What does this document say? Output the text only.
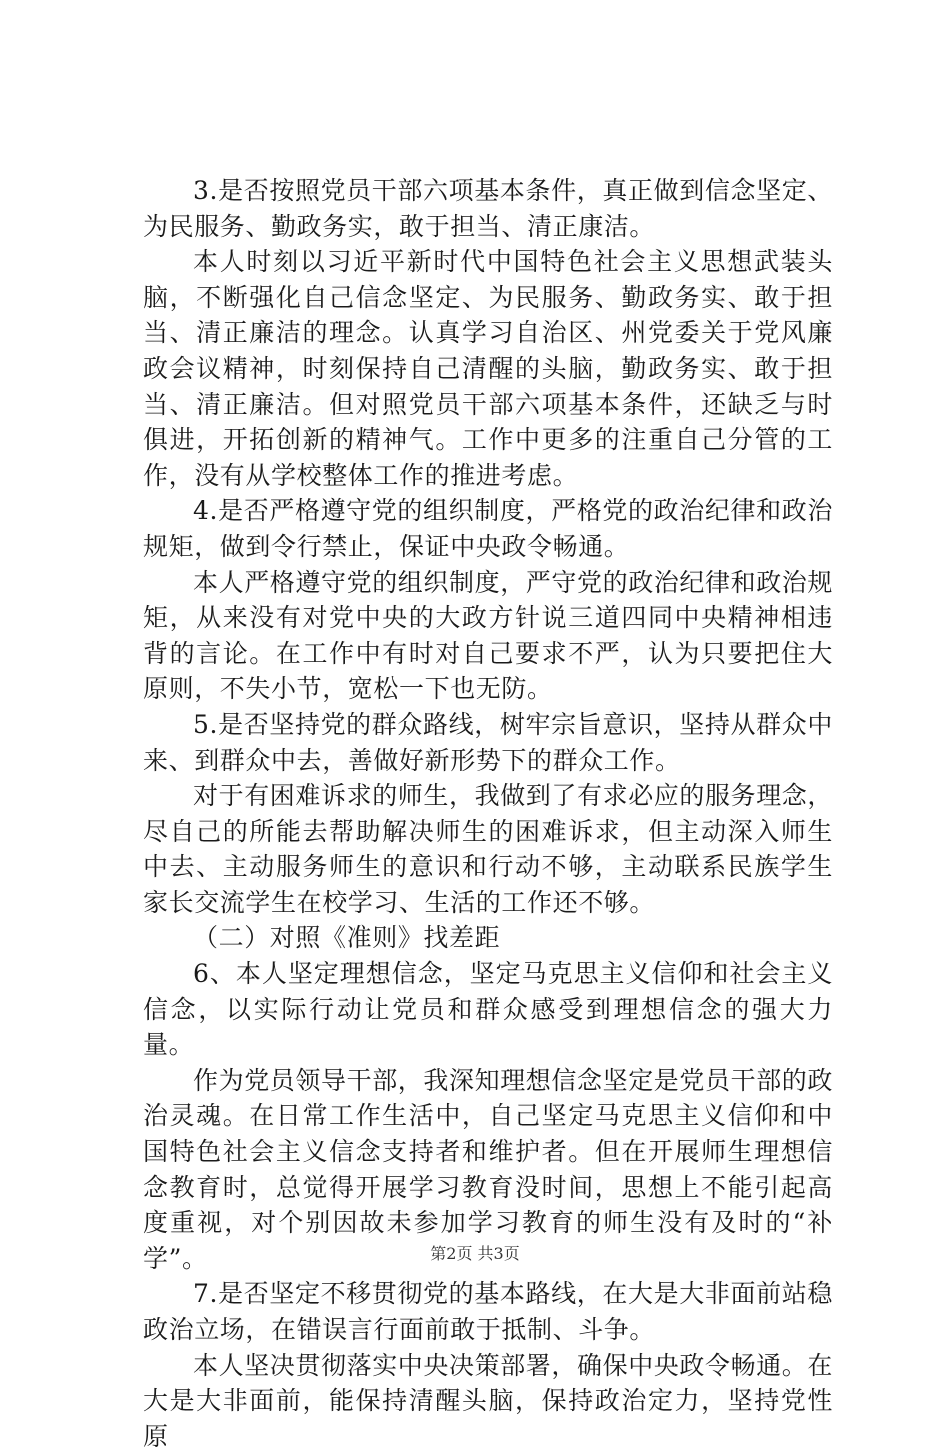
3.是否按照党员干部六项基本条件，真正做到信念坚定、为民服务、勤政务实，敢于担当、清正康洁。

本人时刻以习近平新时代中国特色社会主义思想武装头脑，不断强化自己信念坚定、为民服务、勤政务实、敢于担当、清正廉洁的理念。认真学习自治区、州党委关于党风廉政会议精神，时刻保持自己清醒的头脑，勤政务实、敢于担当、清正廉洁。但对照党员干部六项基本条件，还缺乏与时俱进，开拓创新的精神气。工作中更多的注重自己分管的工作，没有从学校整体工作的推进考虑。

4.是否严格遵守党的组织制度，严格党的政治纪律和政治规矩，做到令行禁止，保证中央政令畅通。

本人严格遵守党的组织制度，严守党的政治纪律和政治规矩，从来没有对党中央的大政方针说三道四同中央精神相违背的言论。在工作中有时对自己要求不严，认为只要把住大原则，不失小节，宽松一下也无防。

5.是否坚持党的群众路线，树牢宗旨意识，坚持从群众中来、到群众中去，善做好新形势下的群众工作。

对于有困难诉求的师生，我做到了有求必应的服务理念，尽自己的所能去帮助解决师生的困难诉求，但主动深入师生中去、主动服务师生的意识和行动不够，主动联系民族学生家长交流学生在校学习、生活的工作还不够。

（二）对照《准则》找差距

6、本人坚定理想信念，坚定马克思主义信仰和社会主义信念，以实际行动让党员和群众感受到理想信念的强大力量。

作为党员领导干部，我深知理想信念坚定是党员干部的政治灵魂。在日常工作生活中，自己坚定马克思主义信仰和中国特色社会主义信念支持者和维护者。但在开展师生理想信念教育时，总觉得开展学习教育没时间，思想上不能引起高度重视，对个别因故未参加学习教育的师生没有及时的“补学”。

7.是否坚定不移贯彻党的基本路线，在大是大非面前站稳政治立场，在错误言行面前敢于抵制、斗争。

本人坚决贯彻落实中央决策部署，确保中央政令畅通。在大是大非面前，能保持清醒头脑，保持政治定力，坚持党性原

第2页 共3页
